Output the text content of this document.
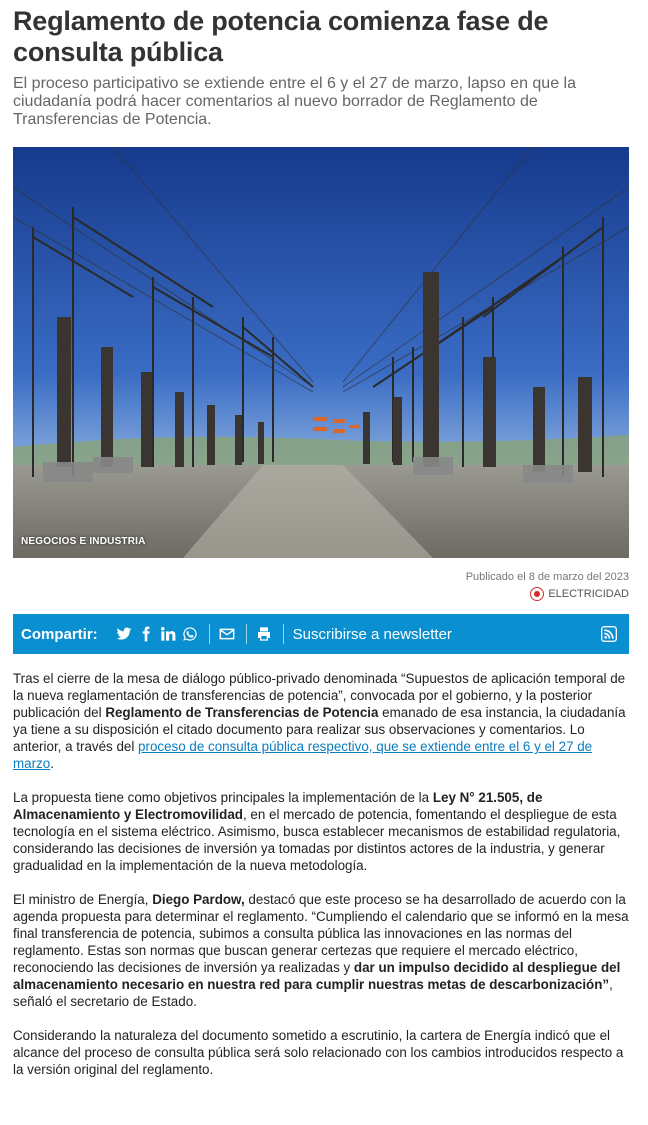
Reglamento de potencia comienza fase de consulta pública

El proceso participativo se extiende entre el 6 y el 27 de marzo, lapso en que la ciudadanía podrá hacer comentarios al nuevo borrador de Reglamento de Transferencias de Potencia.

NEGOCIOS E INDUSTRIA
Publicado el 8 de marzo del 2023
ELECTRICIDAD
Compartir:	Suscribirse a newsletter

Tras el cierre de la mesa de diálogo público-privado denominada “Supuestos de aplicación temporal de la nueva reglamentación de transferencias de potencia”, convocada por el gobierno, y la posterior publicación del Reglamento de Transferencias de Potencia emanado de esa instancia, la ciudadanía ya tiene a su disposición el citado documento para realizar sus observaciones y comentarios. Lo anterior, a través del proceso de consulta pública respectivo, que se extiende entre el 6 y el 27 de marzo.

La propuesta tiene como objetivos principales la implementación de la Ley N° 21.505, de Almacenamiento y Electromovilidad, en el mercado de potencia, fomentando el despliegue de esta tecnología en el sistema eléctrico. Asimismo, busca establecer mecanismos de estabilidad regulatoria, considerando las decisiones de inversión ya tomadas por distintos actores de la industria, y generar gradualidad en la implementación de la nueva metodología.

El ministro de Energía, Diego Pardow, destacó que este proceso se ha desarrollado de acuerdo con la agenda propuesta para determinar el reglamento. “Cumpliendo el calendario que se informó en la mesa final transferencia de potencia, subimos a consulta pública las innovaciones en las normas del reglamento. Estas son normas que buscan generar certezas que requiere el mercado eléctrico, reconociendo las decisiones de inversión ya realizadas y dar un impulso decidido al despliegue del almacenamiento necesario en nuestra red para cumplir nuestras metas de descarbonización”, señaló el secretario de Estado.

Considerando la naturaleza del documento sometido a escrutinio, la cartera de Energía indicó que el alcance del proceso de consulta pública será solo relacionado con los cambios introducidos respecto a la versión original del reglamento.
